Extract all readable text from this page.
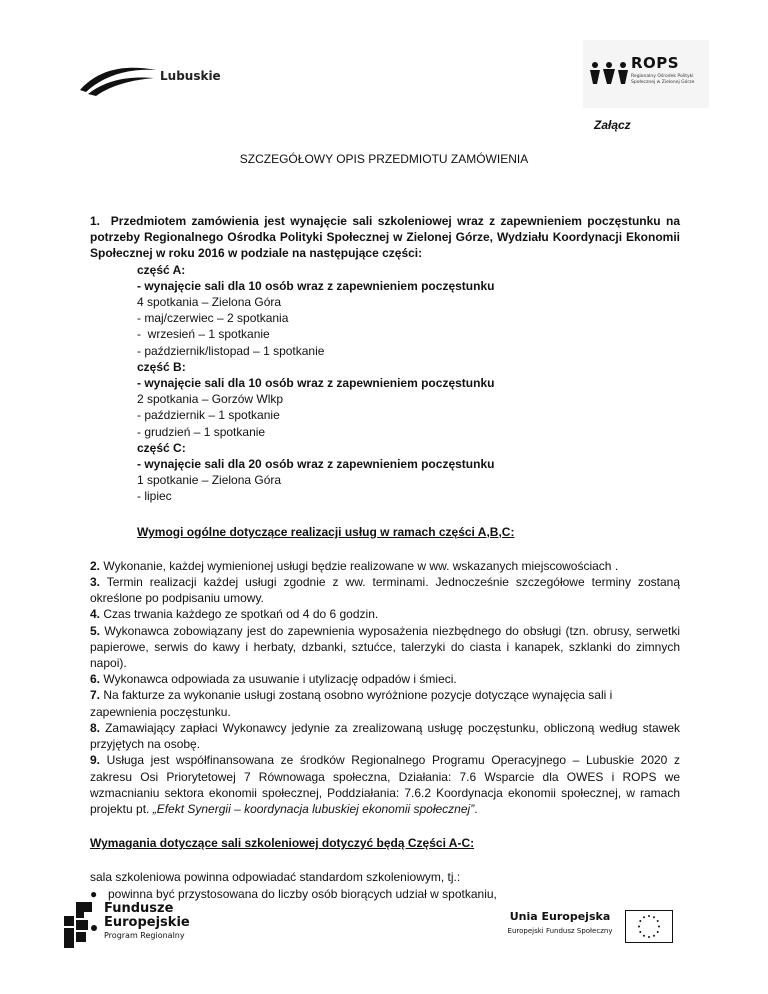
Lubuskie
ROPS
Regionalny Ośrodek Polityki Społecznej w Zielonej Górze
Załącz
SZCZEGÓŁOWY OPIS PRZEDMIOTU ZAMÓWIENIA

1. Przedmiotem zamówienia jest wynajęcie sali szkoleniowej wraz z zapewnieniem poczęstunku na potrzeby Regionalnego Ośrodka Polityki Społecznej w Zielonej Górze, Wydziału Koordynacji Ekonomii Społecznej w roku 2016 w podziale na następujące części:

część A:

- wynajęcie sali dla 10 osób wraz z zapewnieniem poczęstunku

4 spotkania – Zielona Góra

- maj/czerwiec – 2 spotkania

-  wrzesień – 1 spotkanie

- październik/listopad – 1 spotkanie

część B:

- wynajęcie sali dla 10 osób wraz z zapewnieniem poczęstunku

2 spotkania – Gorzów Wlkp

- październik – 1 spotkanie

- grudzień – 1 spotkanie

część C:

- wynajęcie sali dla 20 osób wraz z zapewnieniem poczęstunku

1 spotkanie – Zielona Góra

- lipiec

Wymogi ogólne dotyczące realizacji usług w ramach części A,B,C:

2. Wykonanie, każdej wymienionej usługi będzie realizowane w ww. wskazanych miejscowościach .

3. Termin realizacji każdej usługi zgodnie z ww. terminami. Jednocześnie szczegółowe terminy zostaną określone po podpisaniu umowy.

4. Czas trwania każdego ze spotkań od 4 do 6 godzin.

5. Wykonawca zobowiązany jest do zapewnienia wyposażenia niezbędnego do obsługi (tzn. obrusy, serwetki papierowe, serwis do kawy i herbaty, dzbanki, sztućce, talerzyki do ciasta i kanapek, szklanki do zimnych napoi).

6. Wykonawca odpowiada za usuwanie i utylizację odpadów i śmieci.

7. Na fakturze za wykonanie usługi zostaną osobno wyróżnione pozycje dotyczące wynajęcia sali i zapewnienia poczęstunku.

8. Zamawiający zapłaci Wykonawcy jedynie za zrealizowaną usługę poczęstunku, obliczoną według stawek przyjętych na osobę.

9. Usługa jest współfinansowana ze środków Regionalnego Programu Operacyjnego – Lubuskie 2020 z zakresu Osi Priorytetowej 7 Równowaga społeczna, Działania: 7.6 Wsparcie dla OWES i ROPS we wzmacnianiu sektora ekonomii społecznej, Poddziałania: 7.6.2 Koordynacja ekonomii społecznej, w ramach projektu pt. „Efekt Synergii – koordynacja lubuskiej ekonomii społecznej”.

Wymagania dotyczące sali szkoleniowej dotyczyć będą Części A-C:

sala szkoleniowa powinna odpowiadać standardom szkoleniowym, tj.:

● powinna być przystosowana do liczby osób biorących udział w spotkaniu,
Fundusze
Europejskie
Program Regionalny
Unia Europejska
Europejski Fundusz Społeczny
